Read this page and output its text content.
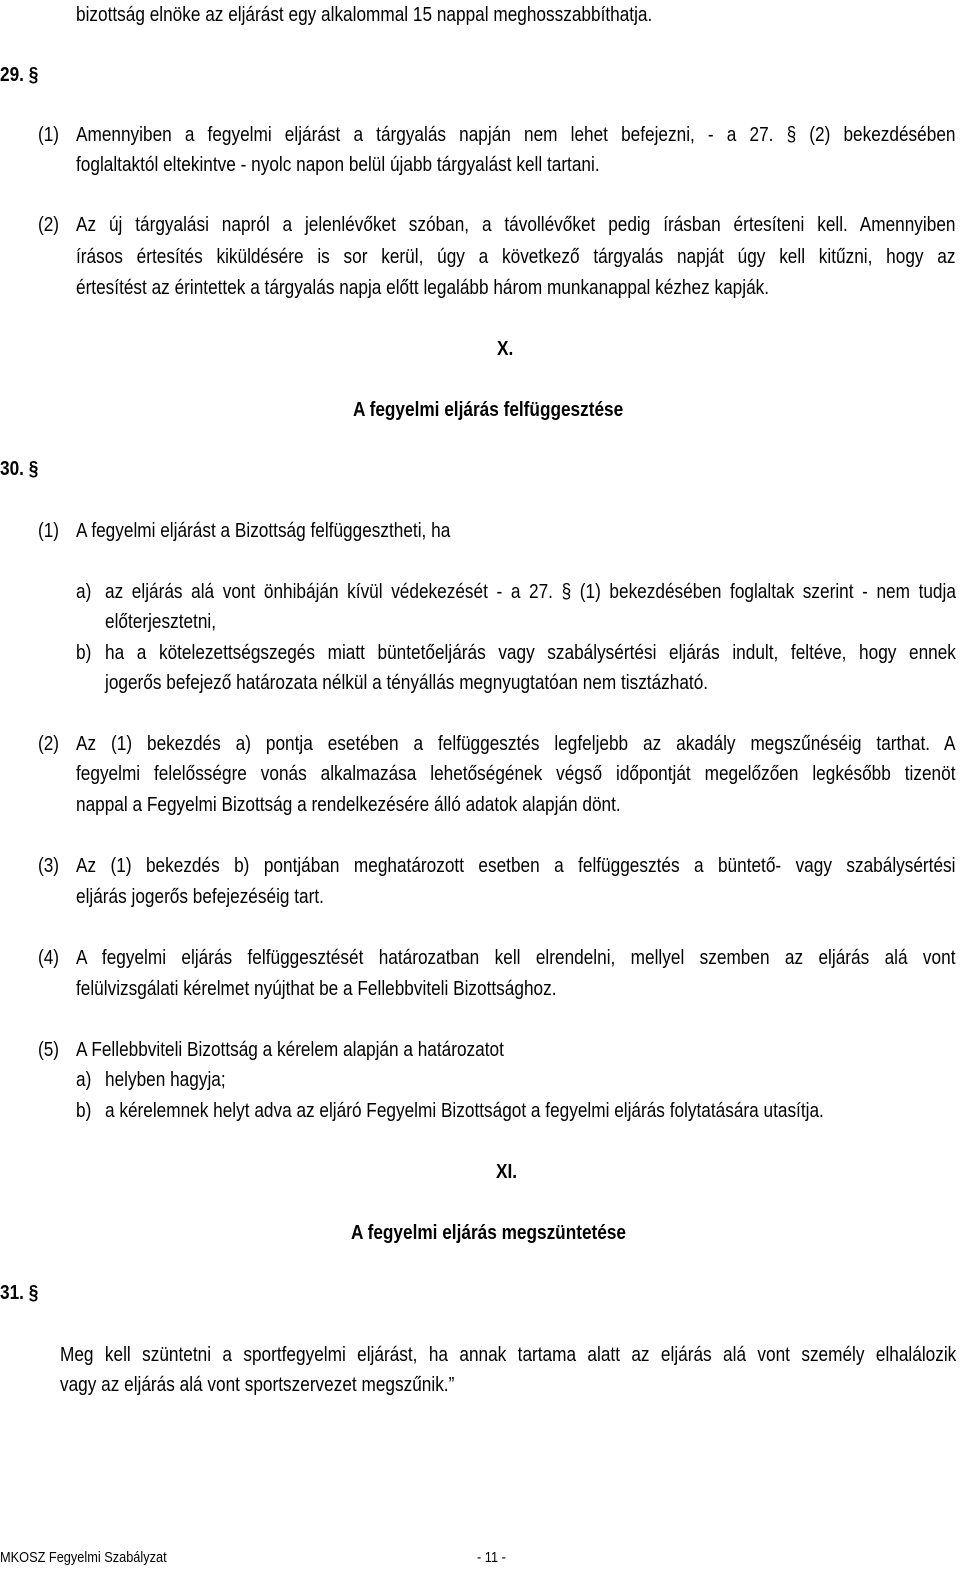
bizottság elnöke az eljárást egy alkalommal 15 nappal meghosszabbíthatja.
29. §
(1) Amennyiben a fegyelmi eljárást a tárgyalás napján nem lehet befejezni, - a 27. § (2) bekezdésében
foglaltaktól eltekintve - nyolc napon belül újabb tárgyalást kell tartani.
(2) Az új tárgyalási napról a jelenlévőket szóban, a távollévőket pedig írásban értesíteni kell. Amennyiben
írásos értesítés kiküldésére is sor kerül, úgy a következő tárgyalás napját úgy kell kitűzni, hogy az
értesítést az érintettek a tárgyalás napja előtt legalább három munkanappal kézhez kapják.
X.
A fegyelmi eljárás felfüggesztése
30. §
(1) A fegyelmi eljárást a Bizottság felfüggesztheti, ha
a) az eljárás alá vont önhibáján kívül védekezését - a 27. § (1) bekezdésében foglaltak szerint - nem tudja
előterjesztetni,
b) ha a kötelezettségszegés miatt büntetőeljárás vagy szabálysértési eljárás indult, feltéve, hogy ennek
jogerős befejező határozata nélkül a tényállás megnyugtatóan nem tisztázható.
(2) Az (1) bekezdés a) pontja esetében a felfüggesztés legfeljebb az akadály megszűnéséig tarthat. A
fegyelmi felelősségre vonás alkalmazása lehetőségének végső időpontját megelőzően legkésőbb tizenöt
nappal a Fegyelmi Bizottság a rendelkezésére álló adatok alapján dönt.
(3) Az (1) bekezdés b) pontjában meghatározott esetben a felfüggesztés a büntető- vagy szabálysértési
eljárás jogerős befejezéséig tart.
(4) A fegyelmi eljárás felfüggesztését határozatban kell elrendelni, mellyel szemben az eljárás alá vont
felülvizsgálati kérelmet nyújthat be a Fellebbviteli Bizottsághoz.
(5) A Fellebbviteli Bizottság a kérelem alapján a határozatot
a) helyben hagyja;
b) a kérelemnek helyt adva az eljáró Fegyelmi Bizottságot a fegyelmi eljárás folytatására utasítja.
XI.
A fegyelmi eljárás megszüntetése
31. §
Meg kell szüntetni a sportfegyelmi eljárást, ha annak tartama alatt az eljárás alá vont személy elhalálozik
vagy az eljárás alá vont sportszervezet megszűnik.”
MKOSZ Fegyelmi Szabályzat	- 11 -
